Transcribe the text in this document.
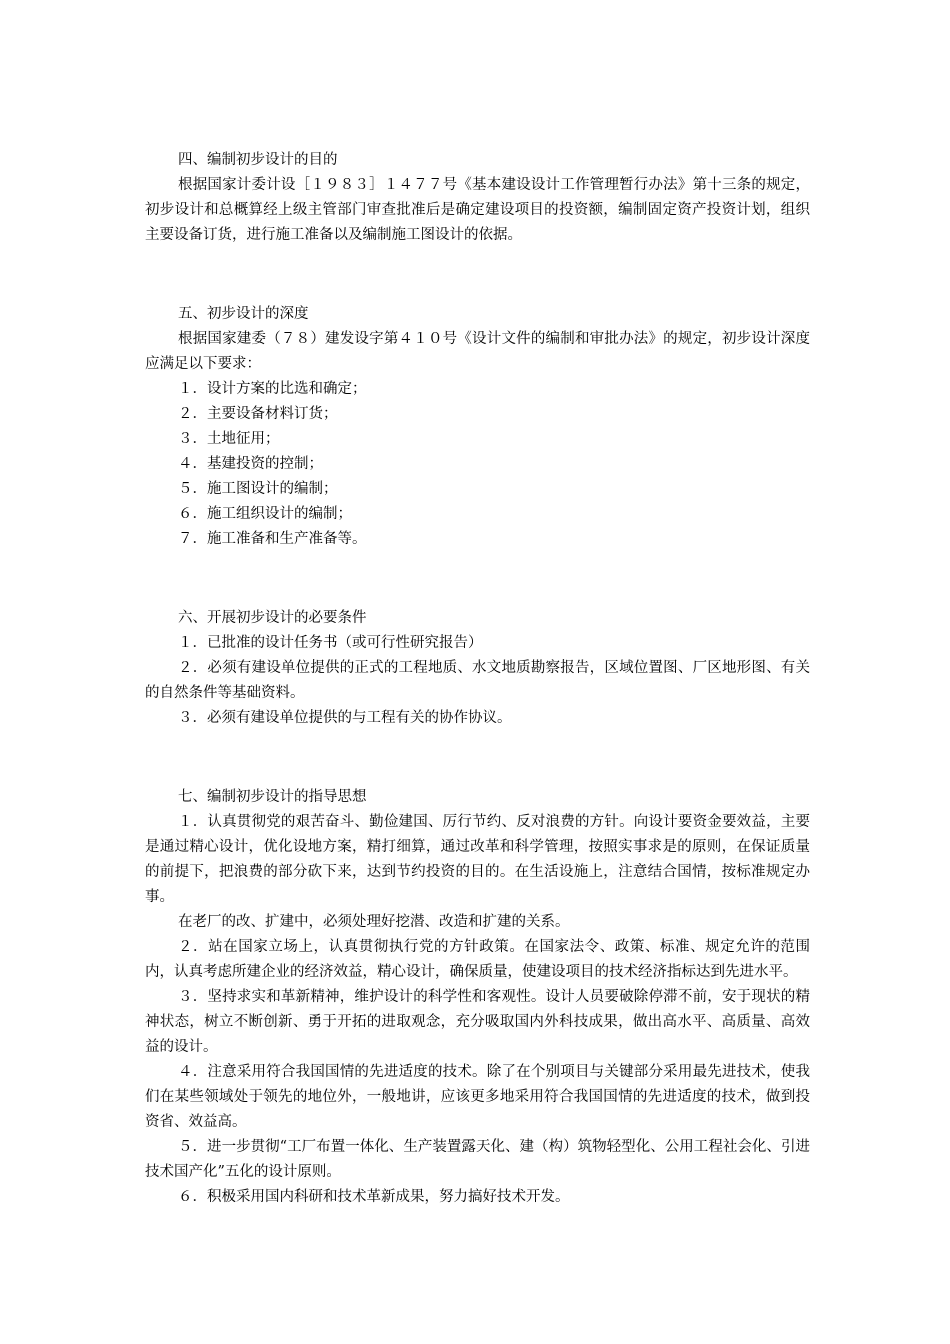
四、编制初步设计的目的

根据国家计委计设［１９８３］１４７７号《基本建设设计工作管理暂行办法》第十三条的规定，初步设计和总概算经上级主管部门审查批准后是确定建设项目的投资额，编制固定资产投资计划，组织主要设备订货，进行施工准备以及编制施工图设计的依据。

五、初步设计的深度

根据国家建委（７８）建发设字第４１０号《设计文件的编制和审批办法》的规定，初步设计深度应满足以下要求：

１．设计方案的比选和确定；

２．主要设备材料订货；

３．土地征用；

４．基建投资的控制；

５．施工图设计的编制；

６．施工组织设计的编制；

７．施工准备和生产准备等。

六、开展初步设计的必要条件

１．已批准的设计任务书（或可行性研究报告）

２．必须有建设单位提供的正式的工程地质、水文地质勘察报告，区域位置图、厂区地形图、有关的自然条件等基础资料。

３．必须有建设单位提供的与工程有关的协作协议。

七、编制初步设计的指导思想

１．认真贯彻党的艰苦奋斗、勤俭建国、厉行节约、反对浪费的方针。向设计要资金要效益，主要是通过精心设计，优化设地方案，精打细算，通过改革和科学管理，按照实事求是的原则，在保证质量的前提下，把浪费的部分砍下来，达到节约投资的目的。在生活设施上，注意结合国情，按标准规定办事。

在老厂的改、扩建中，必须处理好挖潜、改造和扩建的关系。

２．站在国家立场上，认真贯彻执行党的方针政策。在国家法令、政策、标准、规定允许的范围内，认真考虑所建企业的经济效益，精心设计，确保质量，使建设项目的技术经济指标达到先进水平。

３．坚持求实和革新精神，维护设计的科学性和客观性。设计人员要破除停滞不前，安于现状的精神状态，树立不断创新、勇于开拓的进取观念，充分吸取国内外科技成果，做出高水平、高质量、高效益的设计。

４．注意采用符合我国国情的先进适度的技术。除了在个别项目与关键部分采用最先进技术，使我们在某些领域处于领先的地位外，一般地讲，应该更多地采用符合我国国情的先进适度的技术，做到投资省、效益高。

５．进一步贯彻“工厂布置一体化、生产装置露天化、建（构）筑物轻型化、公用工程社会化、引进技术国产化”五化的设计原则。

６．积极采用国内科研和技术革新成果，努力搞好技术开发。
